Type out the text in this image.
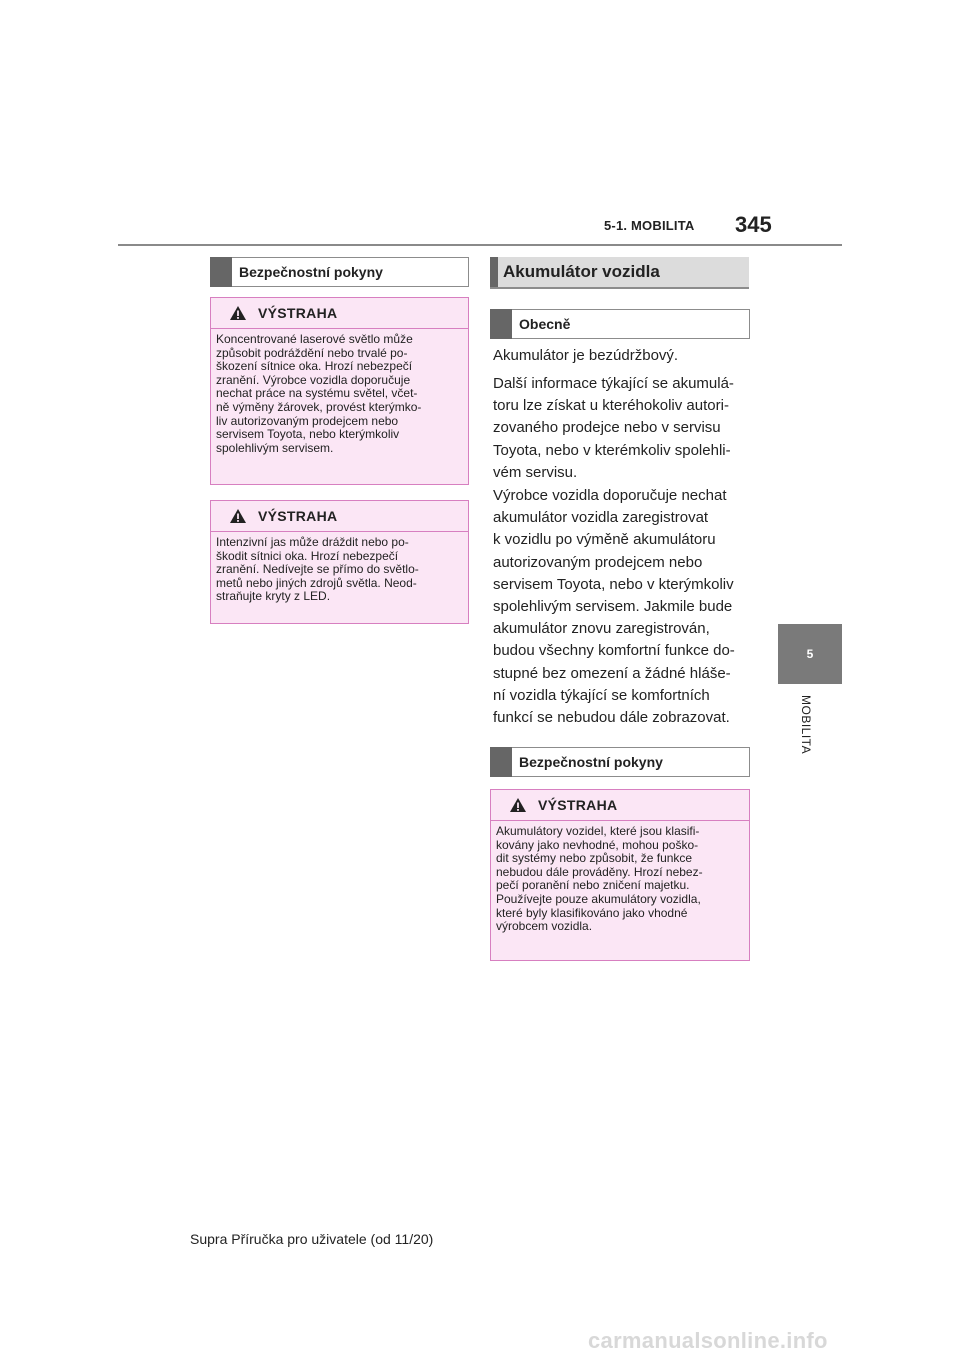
5-1. MOBILITA 345
5
MOBILITA
Bezpečnostní pokyny
VÝSTRAHA
Koncentrované laserové světlo může
způsobit podráždění nebo trvalé po-
škození sítnice oka. Hrozí nebezpečí
zranění. Výrobce vozidla doporučuje
nechat práce na systému světel, včet-
ně výměny žárovek, provést kterýmko-
liv autorizovaným prodejcem nebo
servisem Toyota, nebo kterýmkoliv
spolehlivým servisem.
VÝSTRAHA
Intenzivní jas může dráždit nebo po-
škodit sítnici oka. Hrozí nebezpečí
zranění. Nedívejte se přímo do světlo-
metů nebo jiných zdrojů světla. Neod-
straňujte kryty z LED.
Akumulátor vozidla
Obecně
Akumulátor je bezúdržbový.
Další informace týkající se akumulá-
toru lze získat u kteréhokoliv autori-
zovaného prodejce nebo v servisu
Toyota, nebo v kterémkoliv spolehli-
vém servisu.
Výrobce vozidla doporučuje nechat
akumulátor vozidla zaregistrovat
k vozidlu po výměně akumulátoru
autorizovaným prodejcem nebo
servisem Toyota, nebo v kterýmkoliv
spolehlivým servisem. Jakmile bude
akumulátor znovu zaregistrován,
budou všechny komfortní funkce do-
stupné bez omezení a žádné hláše-
ní vozidla týkající se komfortních
funkcí se nebudou dále zobrazovat.
Bezpečnostní pokyny
VÝSTRAHA
Akumulátory vozidel, které jsou klasifi-
kovány jako nevhodné, mohou poško-
dit systémy nebo způsobit, že funkce
nebudou dále prováděny. Hrozí nebez-
pečí poranění nebo zničení majetku.
Používejte pouze akumulátory vozidla,
které byly klasifikováno jako vhodné
výrobcem vozidla.
Supra Příručka pro uživatele (od 11/20)
carmanualsonline.info
